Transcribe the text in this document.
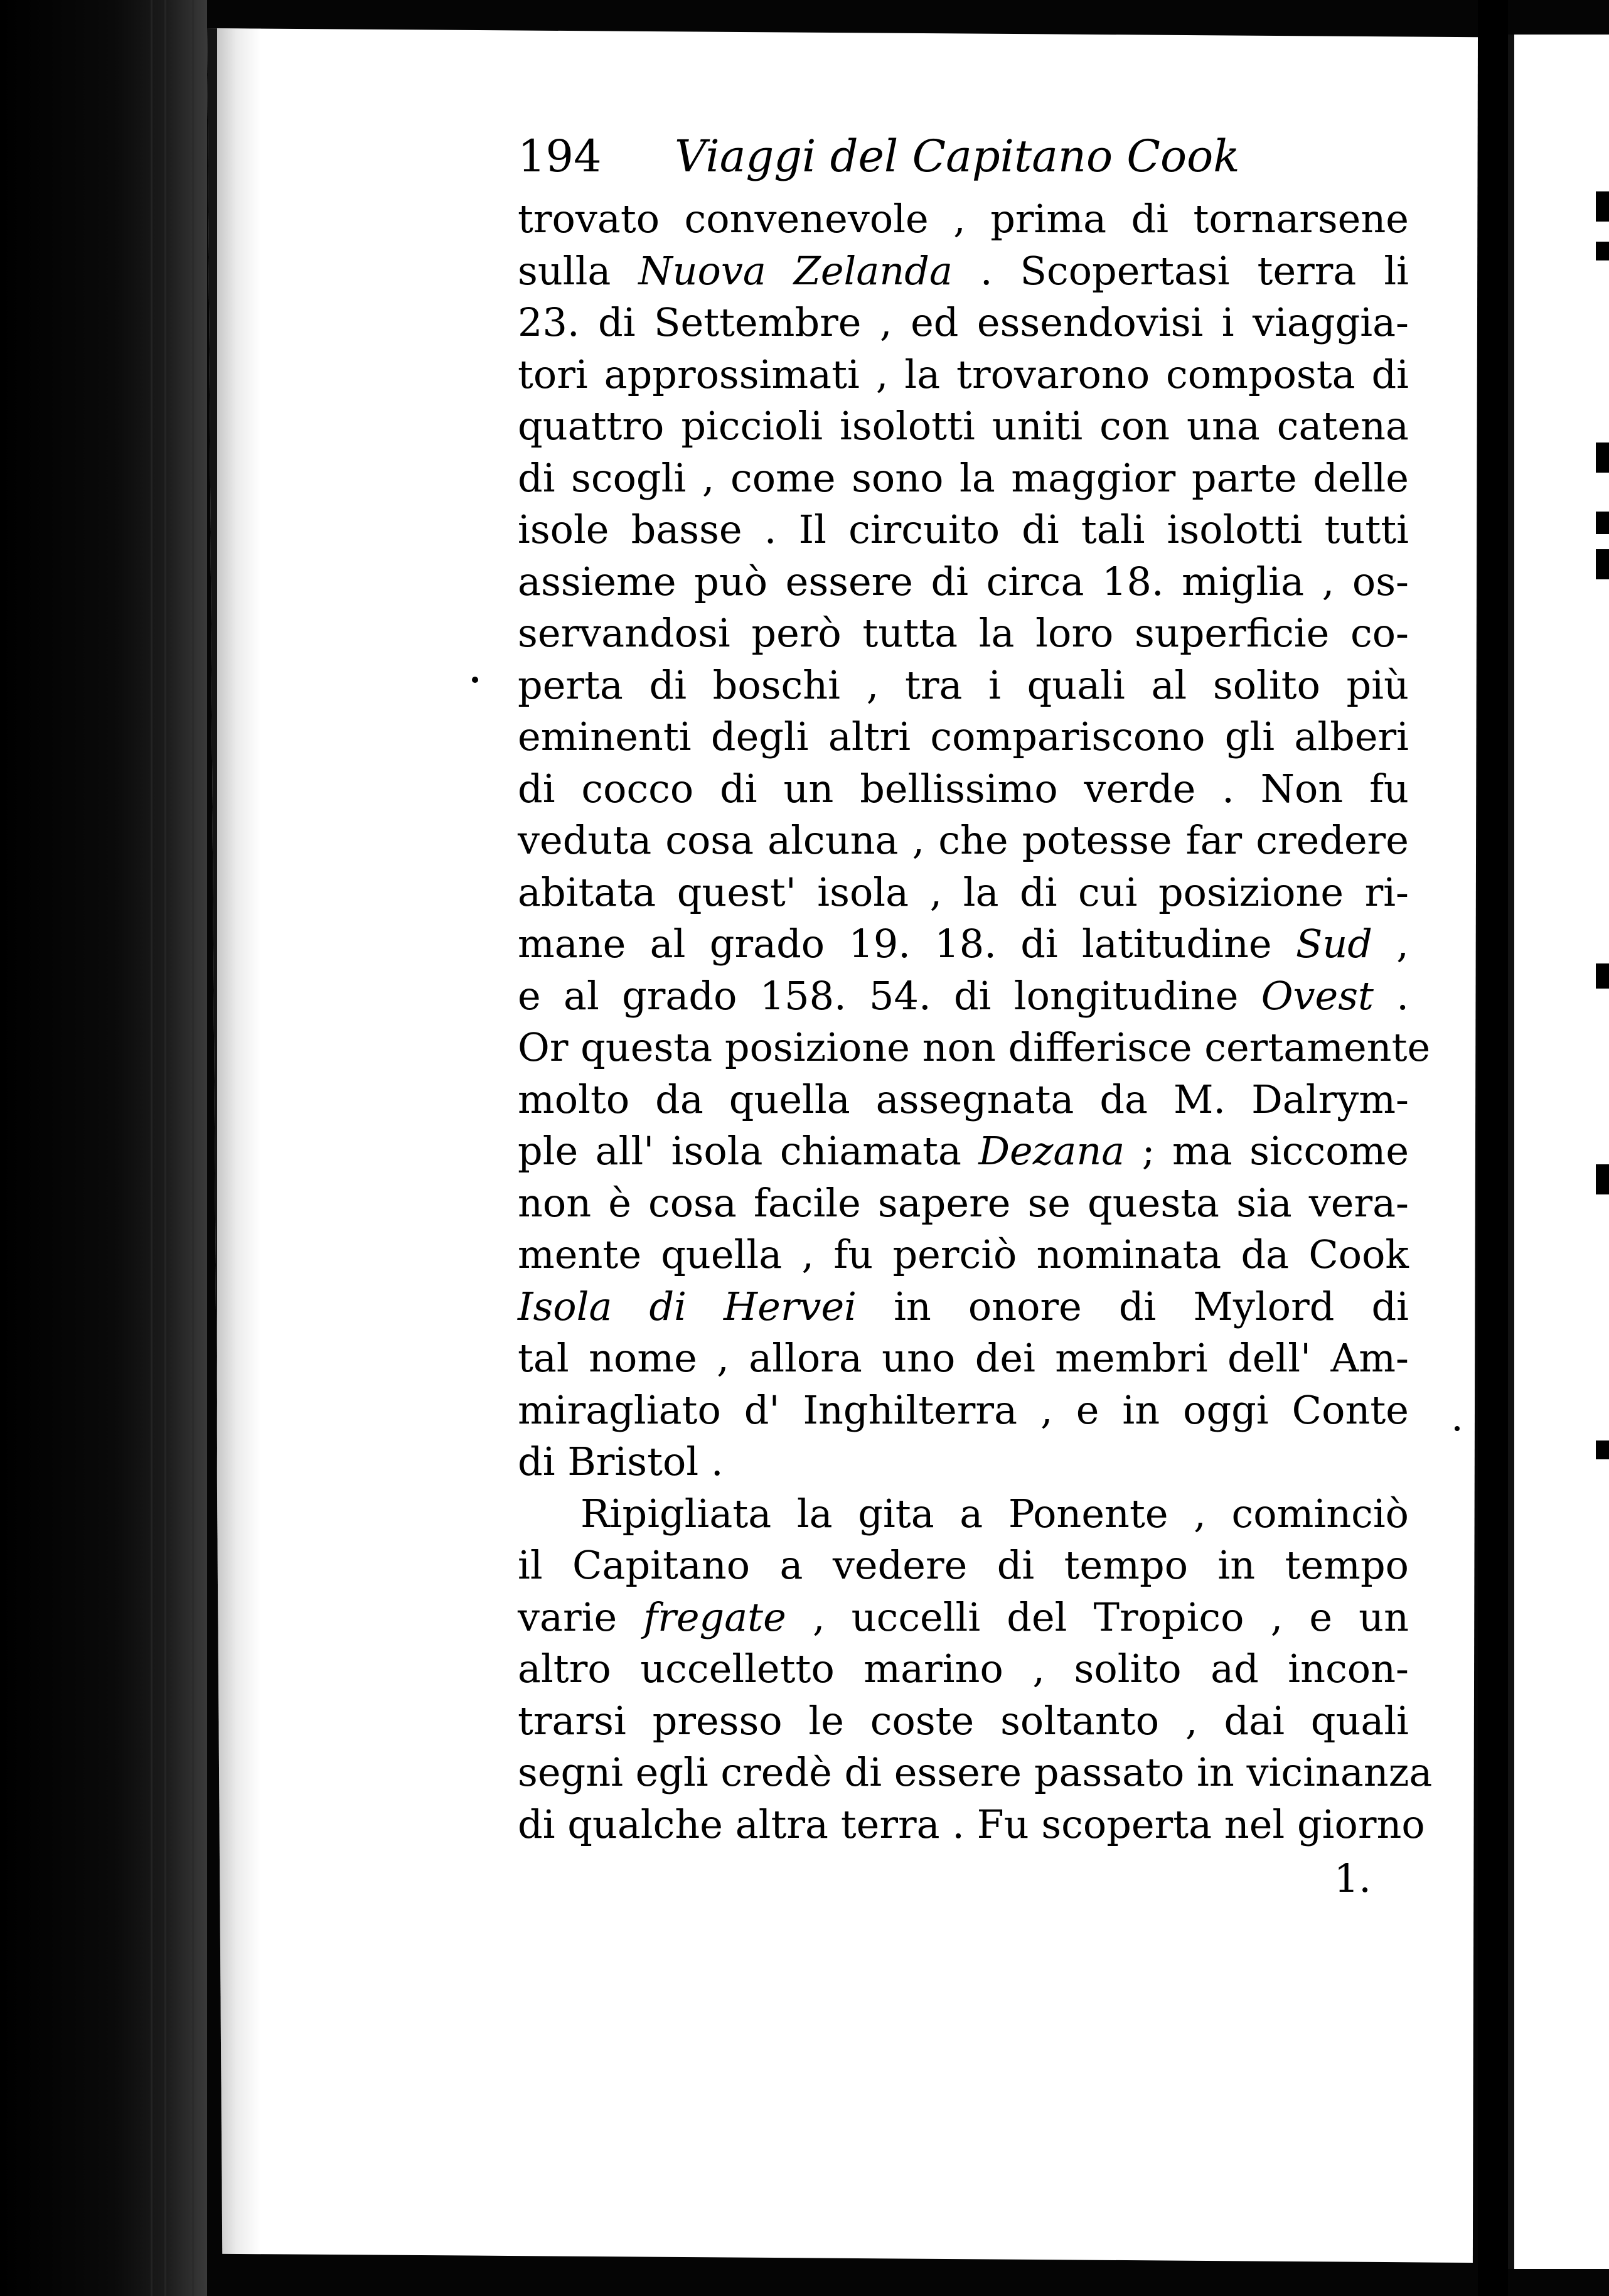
194 Viaggi del Capitano Cook
trovato convenevole , prima di tornarsene
sulla Nuova Zelanda . Scopertasi terra li
23. di Settembre , ed essendovisi i viaggia-
tori approssimati , la trovarono composta di
quattro piccioli isolotti uniti con una catena
di scogli , come sono la maggior parte delle
isole basse . Il circuito di tali isolotti tutti
assieme può essere di circa 18. miglia , os-
servandosi però tutta la loro superficie co-
perta di boschi , tra i quali al solito più
eminenti degli altri compariscono gli alberi
di cocco di un bellissimo verde . Non fu
veduta cosa alcuna , che potesse far credere
abitata quest' isola , la di cui posizione ri-
mane al grado 19. 18. di latitudine Sud ,
e al grado 158. 54. di longitudine Ovest .
Or questa posizione non differisce certamente
molto da quella assegnata da M. Dalrym-
ple all' isola chiamata Dezana ; ma siccome
non è cosa facile sapere se questa sia vera-
mente quella , fu perciò nominata da Cook
Isola di Hervei in onore di Mylord di
tal nome , allora uno dei membri dell' Am-
miragliato d' Inghilterra , e in oggi Conte
di Bristol .
Ripigliata la gita a Ponente , cominciò
il Capitano a vedere di tempo in tempo
varie fregate , uccelli del Tropico , e un
altro uccelletto marino , solito ad incon-
trarsi presso le coste soltanto , dai quali
segni egli credè di essere passato in vicinanza
di qualche altra terra . Fu scoperta nel giorno
1.
